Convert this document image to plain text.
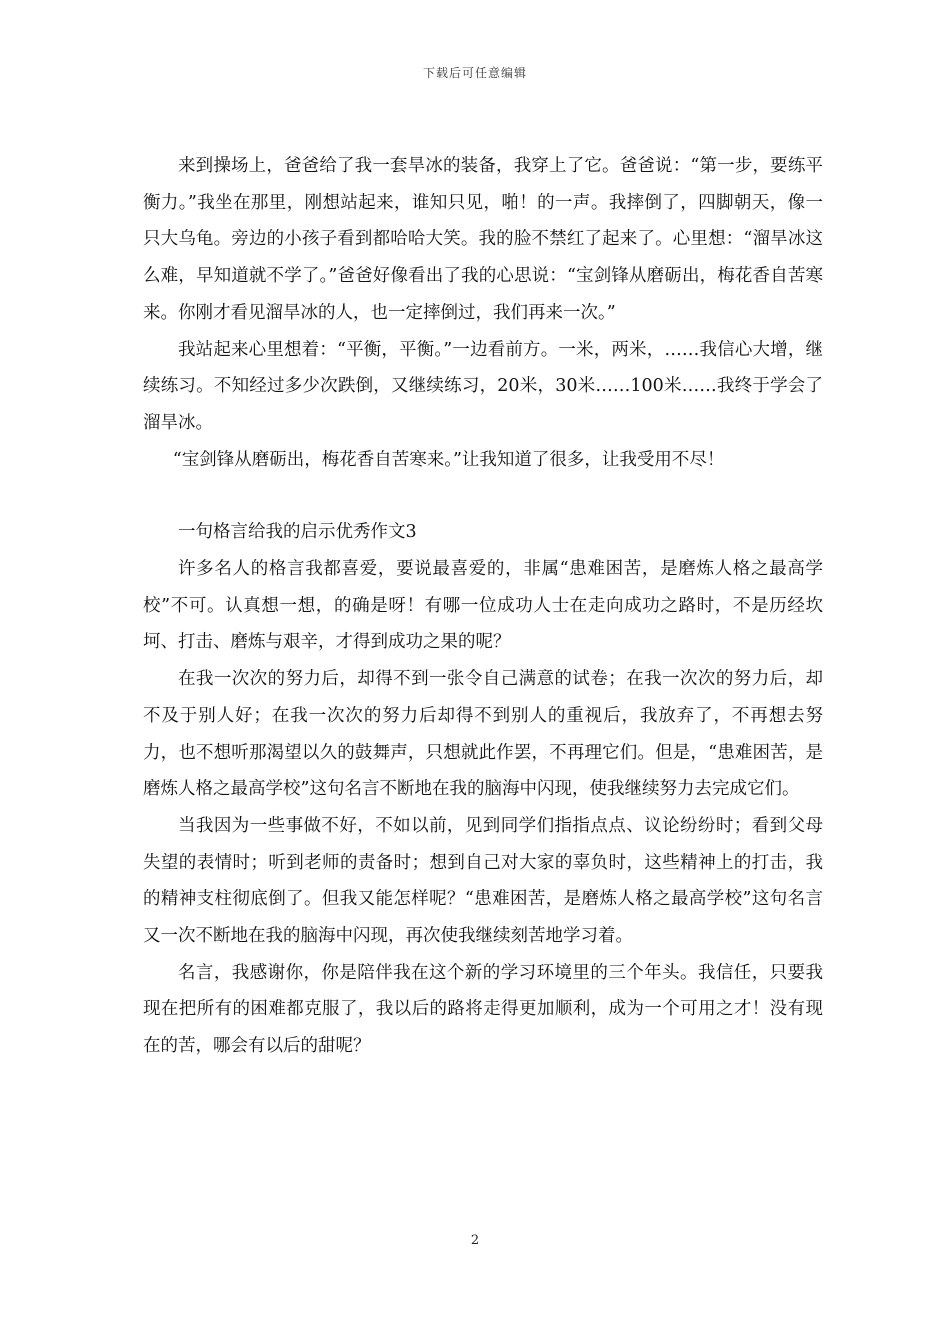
下载后可任意编辑

来到操场上，爸爸给了我一套旱冰的装备，我穿上了它。爸爸说：“第一步，要练平衡力。”我坐在那里，刚想站起来，谁知只见，啪！的一声。我摔倒了，四脚朝天，像一只大乌龟。旁边的小孩子看到都哈哈大笑。我的脸不禁红了起来了。心里想：“溜旱冰这么难，早知道就不学了。”爸爸好像看出了我的心思说：“宝剑锋从磨砺出，梅花香自苦寒来。你刚才看见溜旱冰的人，也一定摔倒过，我们再来一次。”

我站起来心里想着：“平衡，平衡。”一边看前方。一米，两米，……我信心大增，继续练习。不知经过多少次跌倒，又继续练习，20米，30米……100米……我终于学会了溜旱冰。

“宝剑锋从磨砺出，梅花香自苦寒来。”让我知道了很多，让我受用不尽！

一句格言给我的启示优秀作文3

许多名人的格言我都喜爱，要说最喜爱的，非属“患难困苦，是磨炼人格之最高学校”不可。认真想一想，的确是呀！有哪一位成功人士在走向成功之路时，不是历经坎坷、打击、磨炼与艰辛，才得到成功之果的呢？

在我一次次的努力后，却得不到一张令自己满意的试卷；在我一次次的努力后，却不及于别人好；在我一次次的努力后却得不到别人的重视后，我放弃了，不再想去努力，也不想听那渴望以久的鼓舞声，只想就此作罢，不再理它们。但是，“患难困苦，是磨炼人格之最高学校”这句名言不断地在我的脑海中闪现，使我继续努力去完成它们。

当我因为一些事做不好，不如以前，见到同学们指指点点、议论纷纷时；看到父母失望的表情时；听到老师的责备时；想到自己对大家的辜负时，这些精神上的打击，我的精神支柱彻底倒了。但我又能怎样呢？“患难困苦，是磨炼人格之最高学校”这句名言又一次不断地在我的脑海中闪现，再次使我继续刻苦地学习着。

名言，我感谢你，你是陪伴我在这个新的学习环境里的三个年头。我信任，只要我现在把所有的困难都克服了，我以后的路将走得更加顺利，成为一个可用之才！没有现在的苦，哪会有以后的甜呢？

2
